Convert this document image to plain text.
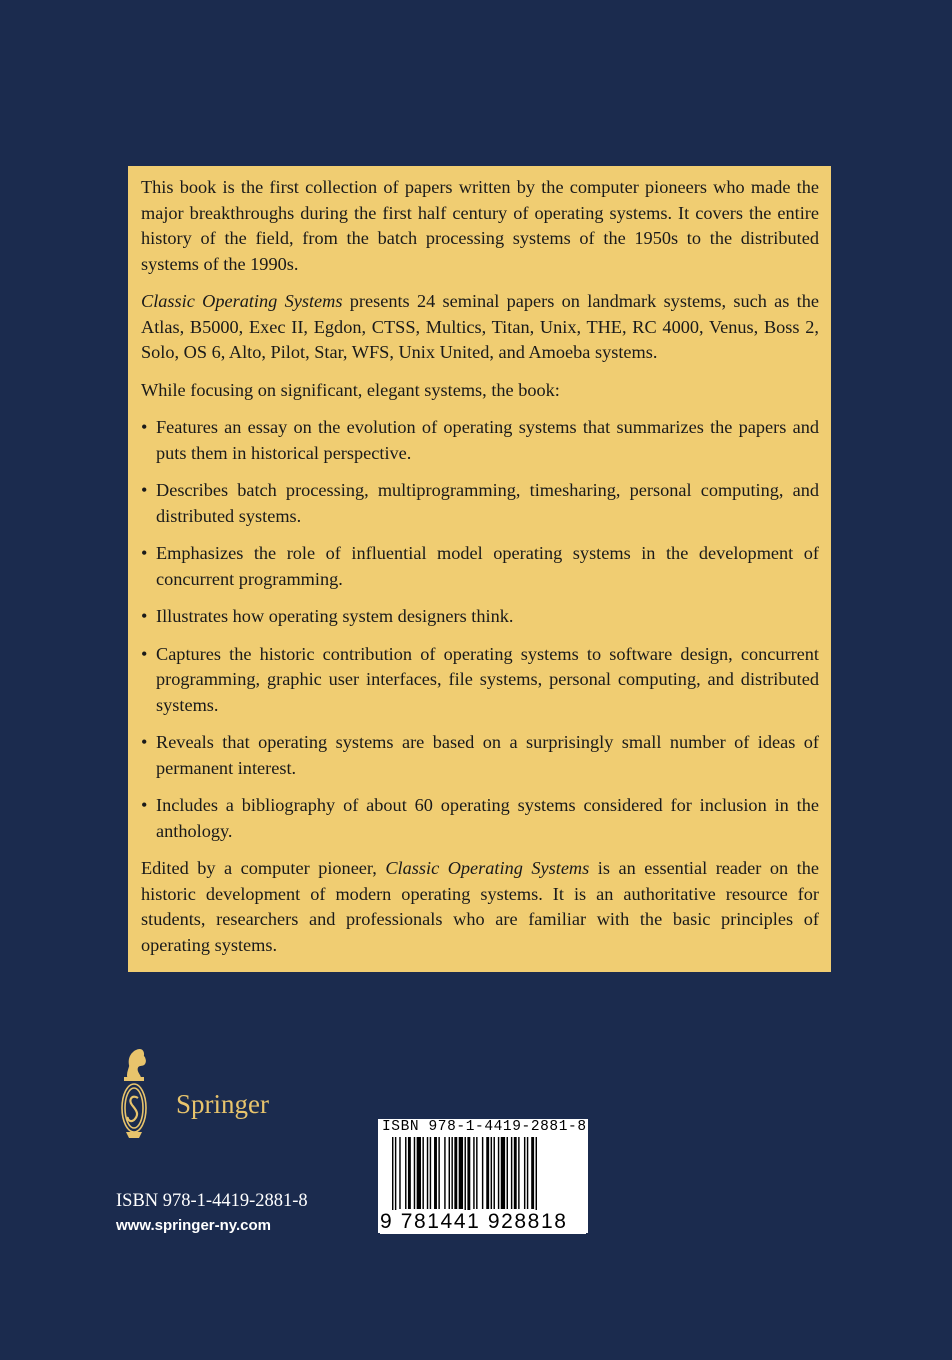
This book is the first collection of papers written by the computer pioneers who made the major breakthroughs during the first half century of operating systems. It covers the entire history of the field, from the batch processing systems of the 1950s to the distributed systems of the 1990s.

Classic Operating Systems presents 24 seminal papers on landmark systems, such as the Atlas, B5000, Exec II, Egdon, CTSS, Multics, Titan, Unix, THE, RC 4000, Venus, Boss 2, Solo, OS 6, Alto, Pilot, Star, WFS, Unix United, and Amoeba systems.

While focusing on significant, elegant systems, the book:

• Features an essay on the evolution of operating systems that summarizes the papers and puts them in historical perspective.
• Describes batch processing, multiprogramming, timesharing, personal computing, and distributed systems.
• Emphasizes the role of influential model operating systems in the development of concurrent programming.
• Illustrates how operating system designers think.
• Captures the historic contribution of operating systems to software design, concurrent programming, graphic user interfaces, file systems, personal computing, and distributed systems.
• Reveals that operating systems are based on a surprisingly small number of ideas of permanent interest.
• Includes a bibliography of about 60 operating systems considered for inclusion in the anthology.

Edited by a computer pioneer, Classic Operating Systems is an essential reader on the historic development of modern operating systems. It is an authoritative resource for students, researchers and professionals who are familiar with the basic principles of operating systems.

Springer
ISBN 978-1-4419-2881-8
www.springer-ny.com
ISBN 978-1-4419-2881-8
9 781441 928818
